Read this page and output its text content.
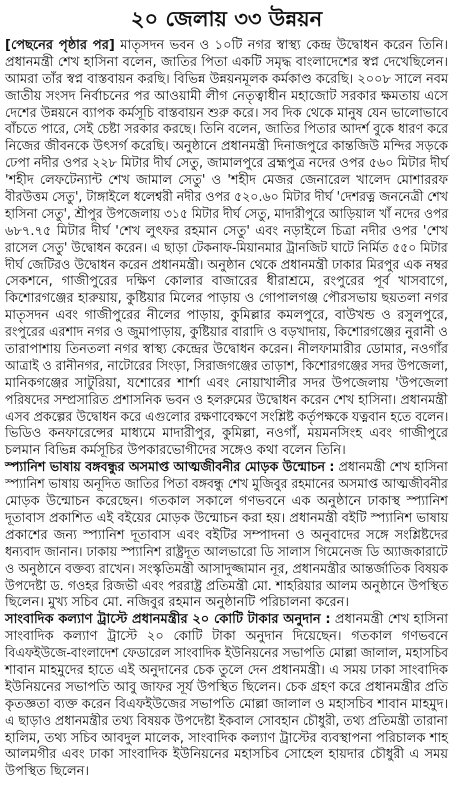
২০ জেলায় ৩৩ উন্নয়ন
[পেছনের পৃষ্ঠার পর] মাতৃসদন ভবন ও ১০টি নগর স্বাস্থ্য কেন্দ্র উদ্বোধন করেন তিনি।
প্রধানমন্ত্রী শেখ হাসিনা বলেন, জাতির পিতা একটি সমৃদ্ধ বাংলাদেশের স্বপ্ন দেখেছিলেন।
আমরা তাঁর স্বপ্ন বাস্তবায়ন করছি। বিভিন্ন উন্নয়নমূলক কর্মকাণ্ড করেছি। ২০০৮ সালে নবম
জাতীয় সংসদ নির্বাচনের পর আওয়ামী লীগ নেতৃত্বাধীন মহাজোট সরকার ক্ষমতায় এসে
দেশের উন্নয়নে ব্যাপক কর্মসূচি বাস্তবায়ন শুরু করে। সব দিক থেকে মানুষ যেন ভালোভাবে
বাঁচতে পারে, সেই চেষ্টা সরকার করছে। তিনি বলেন, জাতির পিতার আদর্শ বুকে ধারণ করে
নিজের জীবনকে উৎসর্গ করেছি। অনুষ্ঠানে প্রধানমন্ত্রী দিনাজপুরে কান্তজিউ মন্দির সড়কে
ঢেপা নদীর ওপর ২২৮ মিটার দীর্ঘ সেতু, জামালপুরে ব্রহ্মপুত্র নদের ওপর ৫৬০ মিটার দীর্ঘ
'শহীদ লেফটেন্যান্ট শেখ জামাল সেতু' ও 'শহীদ মেজর জেনারেল খালেদ মোশাররফ
বীরউত্তম সেতু', টাঙ্গাইলে ধলেশ্বরী নদীর ওপর ৫২০.৬০ মিটার দীর্ঘ 'দেশরত্ন জননেত্রী শেখ
হাসিনা সেতু', শ্রীপুর উপজেলায় ৩১৫ মিটার দীর্ঘ সেতু, মাদারীপুরে আড়িয়াল খাঁ নদের ওপর
৬৮৭.৭৫ মিটার দীর্ঘ 'শেখ লুৎফর রহমান সেতু' এবং নড়াইলে চিত্রা নদীর ওপর 'শেখ
রাসেল সেতু' উদ্বোধন করেন। এ ছাড়া টেকনাফ-মিয়ানমার ট্রানজিট ঘাটে নির্মিত ৫৫০ মিটার
দীর্ঘ জেটিরও উদ্বোধন করেন প্রধানমন্ত্রী। অনুষ্ঠান থেকে প্রধানমন্ত্রী ঢাকার মিরপুর এক নম্বর
সেকশনে, গাজীপুরের দক্ষিণ কোলার বাজারের ধীরাশ্রমে, রংপুরের পূর্ব খাসবাগে,
কিশোরগঞ্জের হারুয়ায়, কুষ্টিয়ার মিলের পাড়ায় ও গোপালগঞ্জ পৌরসভায় ছয়তলা নগর
মাতৃসদন এবং গাজীপুরের নীলের পাড়ায়, কুমিল্লার কমলপুরে, বাউখন্ড ও রসুলপুরে,
রংপুরের এরশাদ নগর ও জুমাপাড়ায়, কুষ্টিয়ার বারাদি ও বড়খাদায়, কিশোরগঞ্জের নুরানী ও
তারাপাশায় তিনতলা নগর স্বাস্থ্য কেন্দ্রের উদ্বোধন করেন। নীলফামারীর ডোমার, নওগাঁর
আত্রাই ও রানীনগর, নাটোরের সিংড়া, সিরাজগঞ্জের তাড়াশ, কিশোরগঞ্জের সদর উপজেলা,
মানিকগঞ্জের সাটুরিয়া, যশোরের শার্শা এবং নোয়াখালীর সদর উপজেলায় 'উপজেলা
পরিষদের সম্প্রসারিত প্রশাসনিক ভবন ও হলরুমের উদ্বোধন করেন শেখ হাসিনা। প্রধানমন্ত্রী
এসব প্রকল্পের উদ্বোধন করে এগুলোর রক্ষণাবেক্ষণে সংশ্লিষ্ট কর্তৃপক্ষকে যত্নবান হতে বলেন।
ভিডিও কনফারেন্সের মাধ্যমে মাদারীপুর, কুমিল্লা, নওগাঁ, ময়মনসিংহ এবং গাজীপুরে
চলমান বিভিন্ন কর্মসূচির উপকারভোগীদের সঙ্গেও কথা বলেন তিনি।
স্প্যানিশ ভাষায় বঙ্গবন্ধুর অসমাপ্ত আত্মজীবনীর মোড়ক উন্মোচন : প্রধানমন্ত্রী শেখ হাসিনা
স্প্যানিশ ভাষায় অনূদিত জাতির পিতা বঙ্গবন্ধু শেখ মুজিবুর রহমানের অসমাপ্ত আত্মজীবনীর
মোড়ক উন্মোচন করেছেন। গতকাল সকালে গণভবনে এক অনুষ্ঠানে ঢাকাস্থ স্প্যানিশ
দূতাবাস প্রকাশিত এই বইয়ের মোড়ক উন্মোচন করা হয়। প্রধানমন্ত্রী বইটি স্প্যানিশ ভাষায়
প্রকাশের জন্য স্প্যানিশ দূতাবাস এবং বইটির সম্পাদনা ও অনুবাদের সঙ্গে সংশ্লিষ্টদের
ধন্যবাদ জানান। ঢাকায় স্প্যানিশ রাষ্ট্রদূত আলভারো ডি সালাস গিমেনেজ ডি অ্যাজকারাটে
ও অনুষ্ঠানে বক্তব্য রাখেন। সংস্কৃতিমন্ত্রী আসাদুজ্জামান নূর, প্রধানমন্ত্রীর আন্তর্জাতিক বিষয়ক
উপদেষ্টা ড. গওহর রিজভী এবং পররাষ্ট্র প্রতিমন্ত্রী মো. শাহরিয়ার আলম অনুষ্ঠানে উপস্থিত
ছিলেন। মুখ্য সচিব মো. নজিবুর রহমান অনুষ্ঠানটি পরিচালনা করেন।
সাংবাদিক কল্যাণ ট্রাস্টে প্রধানমন্ত্রীর ২০ কোটি টাকার অনুদান : প্রধানমন্ত্রী শেখ হাসিনা
সাংবাদিক কল্যাণ ট্রাস্টে ২০ কোটি টাকা অনুদান দিয়েছেন। গতকাল গণভবনে
বিএফইউজে-বাংলাদেশ ফেডারেল সাংবাদিক ইউনিয়নের সভাপতি মোল্লা জালাল, মহাসচিব
শাবান মাহমুদের হাতে এই অনুদানের চেক তুলে দেন প্রধানমন্ত্রী। এ সময় ঢাকা সাংবাদিক
ইউনিয়নের সভাপতি আবু জাফর সূর্য উপস্থিত ছিলেন। চেক গ্রহণ করে প্রধানমন্ত্রীর প্রতি
কৃতজ্ঞতা ব্যক্ত করেন বিএফইউজের সভাপতি মোল্লা জালাল ও মহাসচিব শাবান মাহমুদ।
এ ছাড়াও প্রধানমন্ত্রীর তথ্য বিষয়ক উপদেষ্টা ইকবাল সোবহান চৌধুরী, তথ্য প্রতিমন্ত্রী তারানা
হালিম, তথ্য সচিব আবদুল মালেক, সাংবাদিক কল্যাণ ট্রাস্টের ব্যবস্থাপনা পরিচালক শাহ
আলমগীর এবং ঢাকা সাংবাদিক ইউনিয়নের মহাসচিব সোহেল হায়দার চৌধুরী এ সময়
উপস্থিত ছিলেন।
